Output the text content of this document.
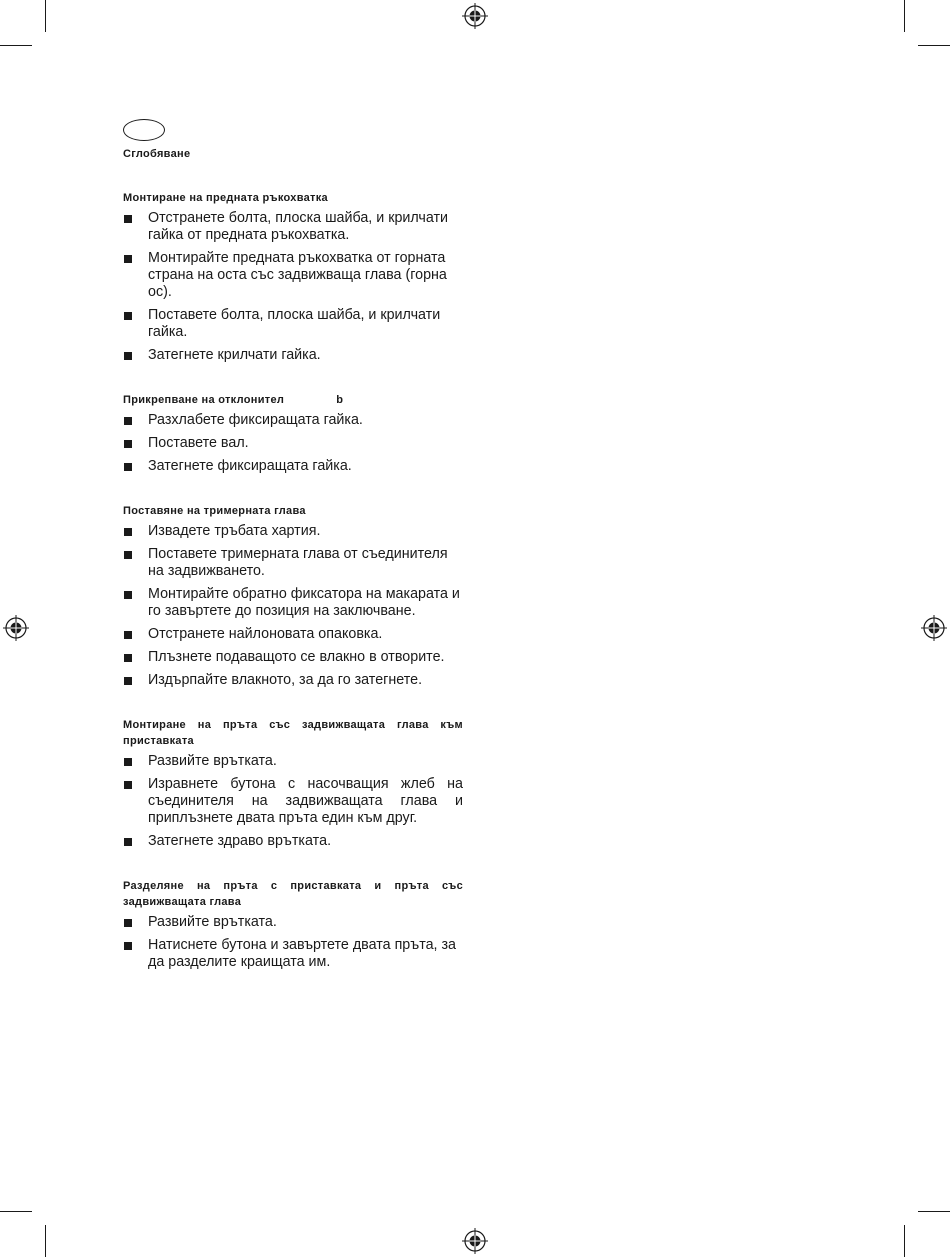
Сглобяване
Монтиране на предната ръкохватка
Отстранете болта, плоска шайба, и крилчати гайка от предната ръкохватка.
Монтирайте предната ръкохватка от горната страна на оста със задвижваща глава (горна ос).
Поставете болта, плоска шайба, и крилчати гайка.
Затегнете крилчати гайка.
Прикрепване на отклонител	b
Разхлабете фиксиращата гайка.
Поставете вал.
Затегнете фиксиращата гайка.
Поставяне на тримерната глава
Извадете тръбата хартия.
Поставете тримерната глава от съединителя на задвижването.
Монтирайте обратно фиксатора на макарата и го завъртете до позиция на заключване.
Отстранете найлоновата опаковка.
Плъзнете подаващото се влакно в отворите.
Издърпайте влакното, за да го затегнете.
Монтиране на пръта със задвижващата глава към приставката
Развийте врътката.
Изравнете бутона с насочващия жлеб на съединителя на задвижващата глава и приплъзнете двата пръта един към друг.
Затегнете здраво връткатa.
Разделяне на пръта с приставката и пръта със задвижващата глава
Развийте врътката.
Натиснете бутона и завъртете двата пръта, за да разделите краищата им.
